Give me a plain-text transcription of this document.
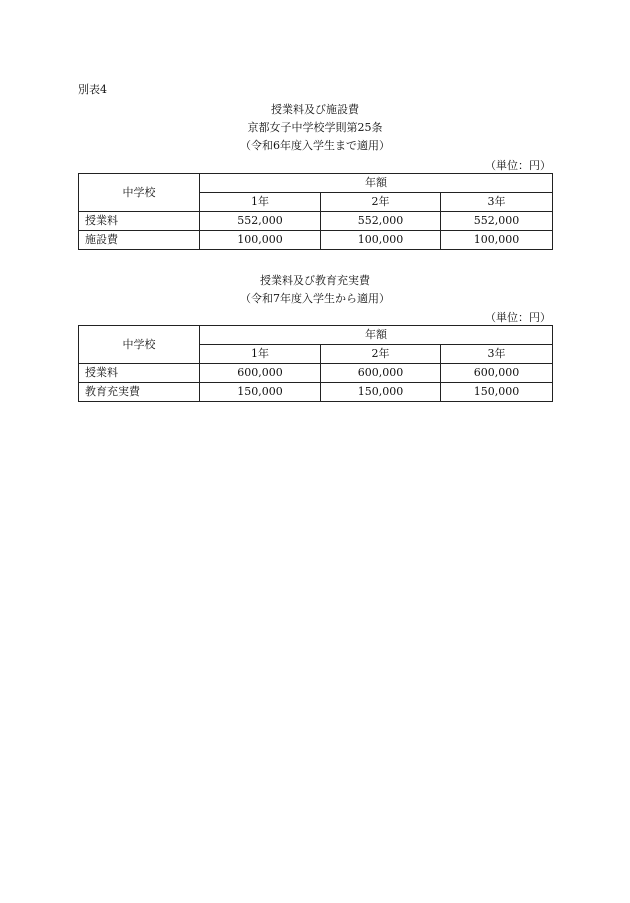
別表4
授業料及び施設費
京都女子中学校学則第25条
（令和6年度入学生まで適用）
（単位：円）
中学校	年額		
	1年	2年	3年
授業料	552,000	552,000	552,000
施設費	100,000	100,000	100,000
授業料及び教育充実費
（令和7年度入学生から適用）
（単位：円）
中学校	年額		
	1年	2年	3年
授業料	600,000	600,000	600,000
教育充実費	150,000	150,000	150,000
